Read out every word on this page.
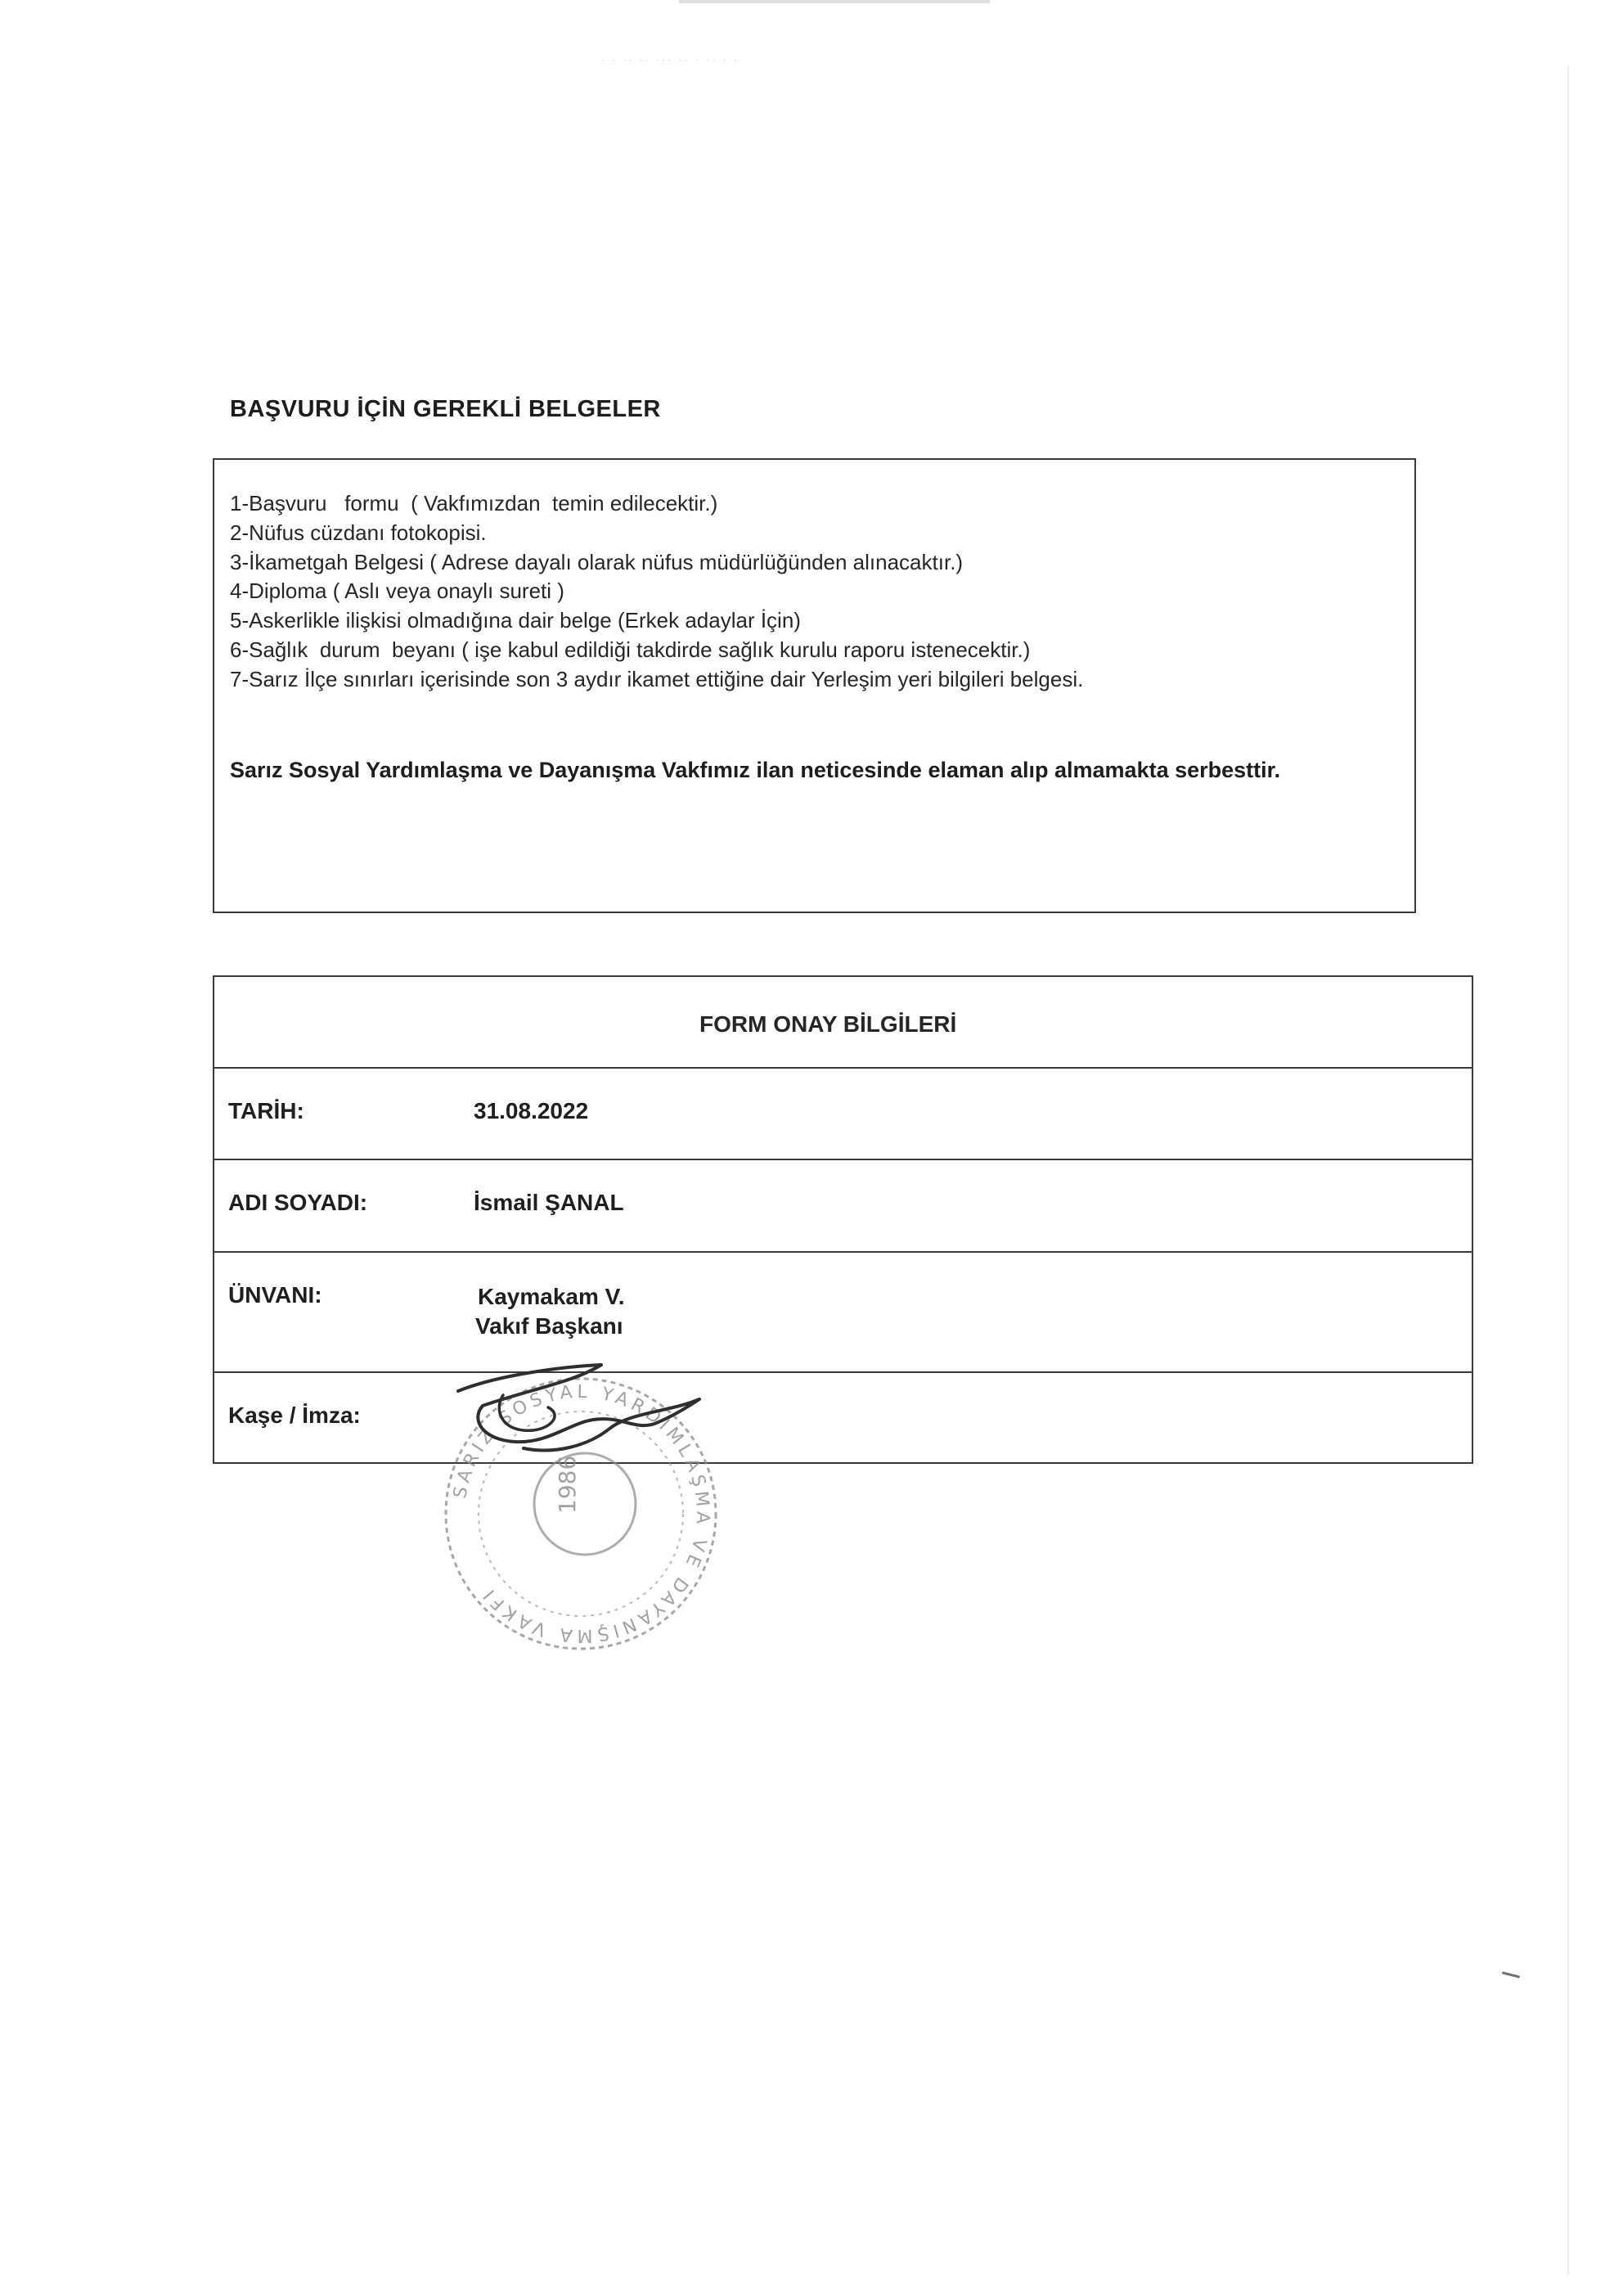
· · ·· ·· ··· ·· · ·· · ·
BAŞVURU İÇİN GEREKLİ BELGELER
1-Başvuru   formu  ( Vakfımızdan  temin edilecektir.)
2-Nüfus cüzdanı fotokopisi.
3-İkametgah Belgesi ( Adrese dayalı olarak nüfus müdürlüğünden alınacaktır.)
4-Diploma ( Aslı veya onaylı sureti )
5-Askerlikle ilişkisi olmadığına dair belge (Erkek adaylar İçin)
6-Sağlık  durum  beyanı ( işe kabul edildiği takdirde sağlık kurulu raporu istenecektir.)
7-Sarız İlçe sınırları içerisinde son 3 aydır ikamet ettiğine dair Yerleşim yeri bilgileri belgesi.

Sarız Sosyal Yardımlaşma ve Dayanışma Vakfımız ilan neticesinde elaman alıp almamakta serbesttir.

FORM ONAY BİLGİLERİ
TARİH:	31.08.2022
ADI SOYADI:	İsmail ŞANAL
ÜNVANI:	Kaymakam V.
Vakıf Başkanı
Kaşe / İmza:
SARIZ SOSYAL YARDIMLAŞMA VE DAYANIŞMA VAKFI
1986
